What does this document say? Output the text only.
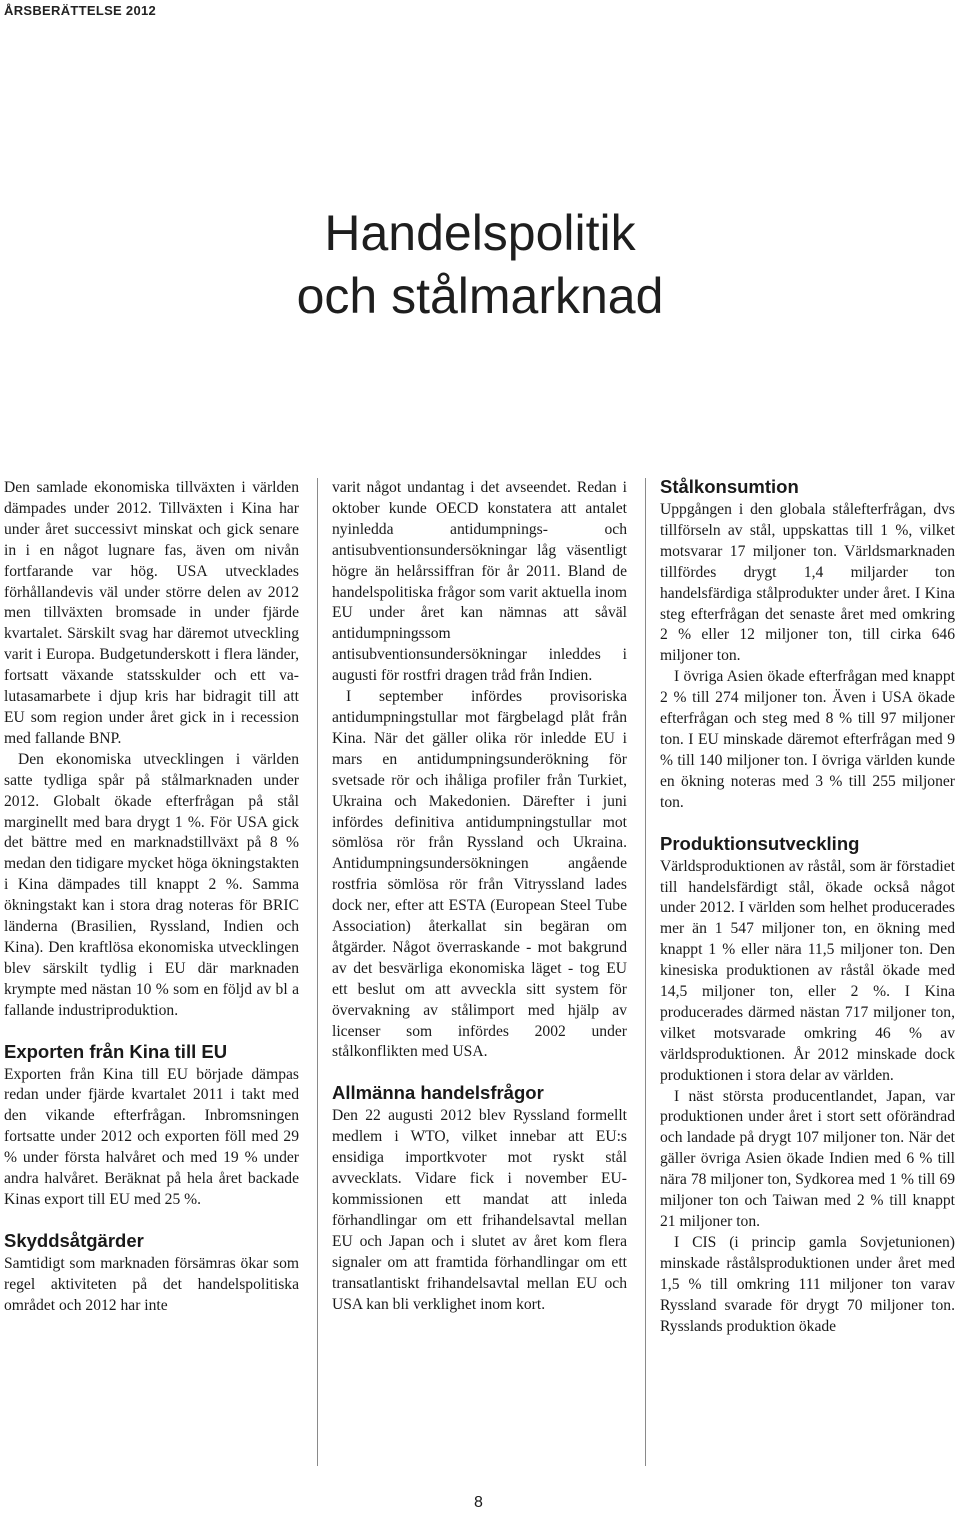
ÅRSBERÄTTELSE 2012
Handelspolitik
och stålmarknad

Den samlade ekonomiska tillväxten i världen dämpades under 2012. Tillväxten i Kina har under året successivt minskat och gick senare in i en något lugnare fas, även om nivån fortfarande var hög. USA utvecklades förhållandevis väl under större delen av 2012 men tillväxten bromsade in under fjärde kvartalet. Särskilt svag har däremot utveckling varit i Europa. Budgetunderskott i flera länder, fortsatt växande statsskulder och ett valutasamarbete i djup kris har bidragit till att EU som region under året gick in i recession med fallande BNP.

Den ekonomiska utvecklingen i världen satte tydliga spår på stålmarknaden under 2012. Globalt ökade efterfrågan på stål marginellt med bara drygt 1 %. För USA gick det bättre med en marknadstillväxt på 8 % medan den tidigare mycket höga ökningstakten i Kina dämpades till knappt 2 %. Samma ökningstakt kan i stora drag noteras för BRIC länderna (Brasilien, Ryssland, Indien och Kina). Den kraftlösa ekonomiska utvecklingen blev särskilt tydlig i EU där marknaden krympte med nästan 10 % som en följd av bl a fallande industriproduktion.

Exporten från Kina till EU

Exporten från Kina till EU började dämpas redan under fjärde kvartalet 2011 i takt med den vikande efterfrågan. Inbromsningen fortsatte under 2012 och exporten föll med 29 % under första halvåret och med 19 % under andra halvåret. Beräknat på hela året backade Kinas export till EU med 25 %.

Skyddsåtgärder

Samtidigt som marknaden försämras ökar som regel aktiviteten på det handelspolitiska området och 2012 har inte

varit något undantag i det avseendet. Redan i oktober kunde OECD konstatera att antalet nyinledda antidumpnings- och antisubventionsundersökningar låg väsentligt högre än helårssiffran för år 2011. Bland de handelspolitiska frågor som varit aktuella inom EU under året kan nämnas att såväl antidumpningssom antisubventionsundersökningar inleddes i augusti för rostfri dragen tråd från Indien.

I september infördes provisoriska antidumpningstullar mot färgbelagd plåt från Kina. När det gäller olika rör inledde EU i mars en antidumpningsunderökning för svetsade rör och ihåliga profiler från Turkiet, Ukraina och Makedonien. Därefter i juni infördes definitiva antidumpningstullar mot sömlösa rör från Ryssland och Ukraina. Antidumpningsundersökningen angående rostfria sömlösa rör från Vitryssland lades dock ner, efter att ESTA (European Steel Tube Association) återkallat sin begäran om åtgärder. Något överraskande - mot bakgrund av det besvärliga ekonomiska läget - tog EU ett beslut om att avveckla sitt system för övervakning av stålimport med hjälp av licenser som infördes 2002 under stålkonflikten med USA.

Allmänna handelsfrågor

Den 22 augusti 2012 blev Ryssland formellt medlem i WTO, vilket innebar att EU:s ensidiga importkvoter mot ryskt stål avvecklats. Vidare fick i november EU-kommissionen ett mandat att inleda förhandlingar om ett frihandelsavtal mellan EU och Japan och i slutet av året kom flera signaler om att framtida förhandlingar om ett transatlantiskt frihandelsavtal mellan EU och USA kan bli verklighet inom kort.

Stålkonsumtion

Uppgången i den globala stålefterfrågan, dvs tillförseln av stål, uppskattas till 1 %, vilket motsvarar 17 miljoner ton. Världsmarknaden tillfördes drygt 1,4 miljarder ton handelsfärdiga stålprodukter under året. I Kina steg efterfrågan det senaste året med omkring 2 % eller 12 miljoner ton, till cirka 646 miljoner ton.

I övriga Asien ökade efterfrågan med knappt 2 % till 274 miljoner ton. Även i USA ökade efterfrågan och steg med 8 % till 97 miljoner ton. I EU minskade däremot efterfrågan med 9 % till 140 miljoner ton. I övriga världen kunde en ökning noteras med 3 % till 255 miljoner ton.

Produktionsutveckling

Världsproduktionen av råstål, som är förstadiet till handelsfärdigt stål, ökade också något under 2012. I världen som helhet producerades mer än 1 547 miljoner ton, en ökning med knappt 1 % eller nära 11,5 miljoner ton. Den kinesiska produktionen av råstål ökade med 14,5 miljoner ton, eller 2 %. I Kina producerades därmed nästan 717 miljoner ton, vilket motsvarade omkring 46 % av världsproduktionen. År 2012 minskade dock produktionen i stora delar av världen.

I näst största producentlandet, Japan, var produktionen under året i stort sett oförändrad och landade på drygt 107 miljoner ton. När det gäller övriga Asien ökade Indien med 6 % till nära 78 miljoner ton, Sydkorea med 1 % till 69 miljoner ton och Taiwan med 2 % till knappt 21 miljoner ton.

I CIS (i princip gamla Sovjetunionen) minskade råstålsproduktionen under året med 1,5 % till omkring 111 miljoner ton varav Ryssland svarade för drygt 70 miljoner ton. Rysslands produktion ökade

8
